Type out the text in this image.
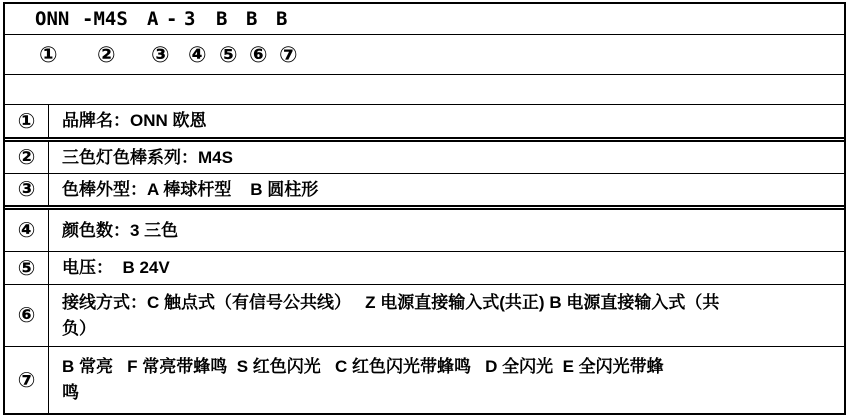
ONN -M4S A - 3 B B B
① ② ③ ④ ⑤ ⑥ ⑦
① 品牌名：ONN 欧恩
② 三色灯色棒系列：M4S
③ 色棒外型：A 棒球杆型    B 圆柱形
④ 颜色数：3 三色
⑤ 电压：  B 24V
⑥
接线方式：C 触点式（有信号公共线）   Z 电源直接输入式(共正) B 电源直接输入式（共
负）
⑦
B 常亮   F 常亮带蜂鸣  S 红色闪光   C 红色闪光带蜂鸣   D 全闪光  E 全闪光带蜂
鸣
